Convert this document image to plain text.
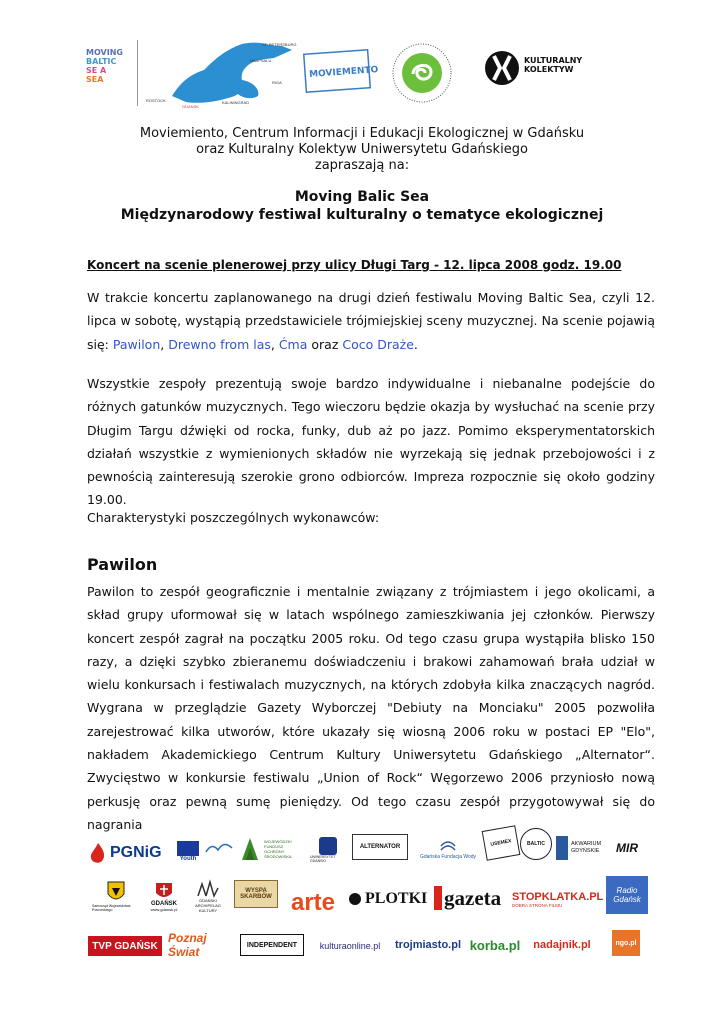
MOVING
BALTIC
SE A
SEA
ST. PETERSBURG
HAAPSALU
RIGA
ROSTOCK
GDANSK
KALININGRAD
MOVIEMENTO
KULTURALNY
KOLEKTYW
Moviemiento, Centrum Informacji i Edukacji Ekologicznej w Gdańsku
oraz Kulturalny Kolektyw Uniwersytetu Gdańskiego
zapraszają na:
Moving Balic Sea
Międzynarodowy festiwal kulturalny o tematyce ekologicznej
Koncert na scenie plenerowej przy ulicy Długi Targ - 12. lipca 2008 godz. 19.00
W trakcie koncertu zaplanowanego na drugi dzień festiwalu Moving Baltic Sea, czyli 12. lipca w sobotę, wystąpią przedstawiciele trójmiejskiej sceny muzycznej. Na scenie pojawią się: Pawilon, Drewno from las, Ćma oraz Coco Draże.
Wszystkie zespoły prezentują swoje bardzo indywidualne i niebanalne podejście do różnych gatunków muzycznych. Tego wieczoru będzie okazja by wysłuchać na scenie przy Długim Targu dźwięki od rocka, funky, dub aż po jazz. Pomimo eksperymentatorskich działań wszystkie z wymienionych składów nie wyrzekają się jednak przebojowości i z pewnością zainteresują szerokie grono odbiorców. Impreza rozpocznie się około godziny 19.00.
Charakterystyki poszczególnych wykonawców:
Pawilon
Pawilon to zespół geograficznie i mentalnie związany z trójmiastem i jego okolicami, a skład grupy uformował się w latach wspólnego zamieszkiwania jej członków. Pierwszy koncert zespół zagrał na początku 2005 roku. Od tego czasu grupa wystąpiła blisko 150 razy, a dzięki szybko zbieranemu doświadczeniu i brakowi zahamowań brała udział w wielu konkursach i festiwalach muzycznych, na których zdobyła kilka znaczących nagród. Wygrana w przeglądzie Gazety Wyborczej "Debiuty na Monciaku" 2005 pozwoliła zarejestrować kilka utworów, które ukazały się wiosną 2006 roku w postaci EP "Elo", nakładem Akademickiego Centrum Kultury Uniwersytetu Gdańskiego „Alternator“. Zwycięstwo w konkursie festiwalu „Union of Rock“ Węgorzewo 2006 przyniosło nową perkusję oraz pewną sumę pieniędzy. Od tego czasu zespół przygotowywał się do nagrania
PGNiG	Youth
WOJEWÓDZKI FUNDUSZ OCHRONY ŚRODOWISKA	UNIWERSYTET GDAŃSKI
ALTERNATOR
Gdańska Fundacja Wody
USEMEX	BALTIC	AKWARIUM GDYŃSKIE	MIR
Samorząd Województwa Pomorskiego
GDAŃSK
www.gdansk.pl
GDAŃSKI ARCHIPELAG KULTURY
WYSPA SKARBÓW arte PLOTKI gazeta STOPKLATKA.PL
DOBRA STRONA FILMU
Radio Gdańsk
TVP GDAŃSK
Poznaj Świat	INDEPENDENT	kulturaonline.pl trojmiasto.pl korba.pl nadajnik.pl	ngo.pl
